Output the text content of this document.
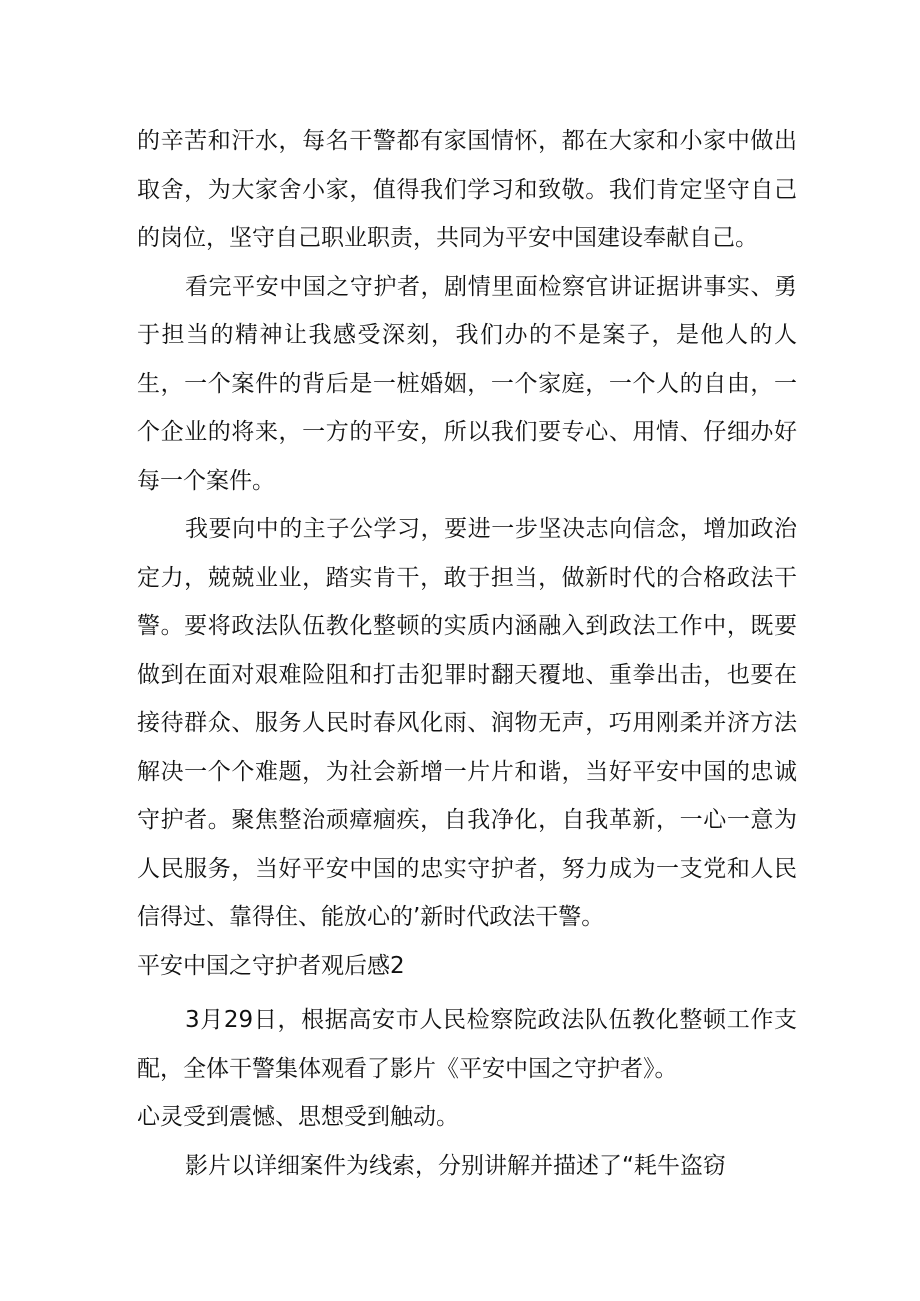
的辛苦和汗水，每名干警都有家国情怀，都在大家和小家中做出取舍，为大家舍小家，值得我们学习和致敬。我们肯定坚守自己的岗位，坚守自己职业职责，共同为平安中国建设奉献自己。

看完平安中国之守护者，剧情里面检察官讲证据讲事实、勇于担当的精神让我感受深刻，我们办的不是案子，是他人的人生，一个案件的背后是一桩婚姻，一个家庭，一个人的自由，一个企业的将来，一方的平安，所以我们要专心、用情、仔细办好每一个案件。

我要向中的主子公学习，要进一步坚决志向信念，增加政治定力，兢兢业业，踏实肯干，敢于担当，做新时代的合格政法干警。要将政法队伍教化整顿的实质内涵融入到政法工作中，既要做到在面对艰难险阻和打击犯罪时翻天覆地、重拳出击，也要在接待群众、服务人民时春风化雨、润物无声，巧用刚柔并济方法解决一个个难题，为社会新增一片片和谐，当好平安中国的忠诚守护者。聚焦整治顽瘴痼疾，自我净化，自我革新，一心一意为人民服务，当好平安中国的忠实守护者，努力成为一支党和人民信得过、靠得住、能放心的’新时代政法干警。

平安中国之守护者观后感2

3月29日，根据高安市人民检察院政法队伍教化整顿工作支配，全体干警集体观看了影片《平安中国之守护者》。

心灵受到震憾、思想受到触动。

影片以详细案件为线索，分别讲解并描述了“耗牛盗窃
